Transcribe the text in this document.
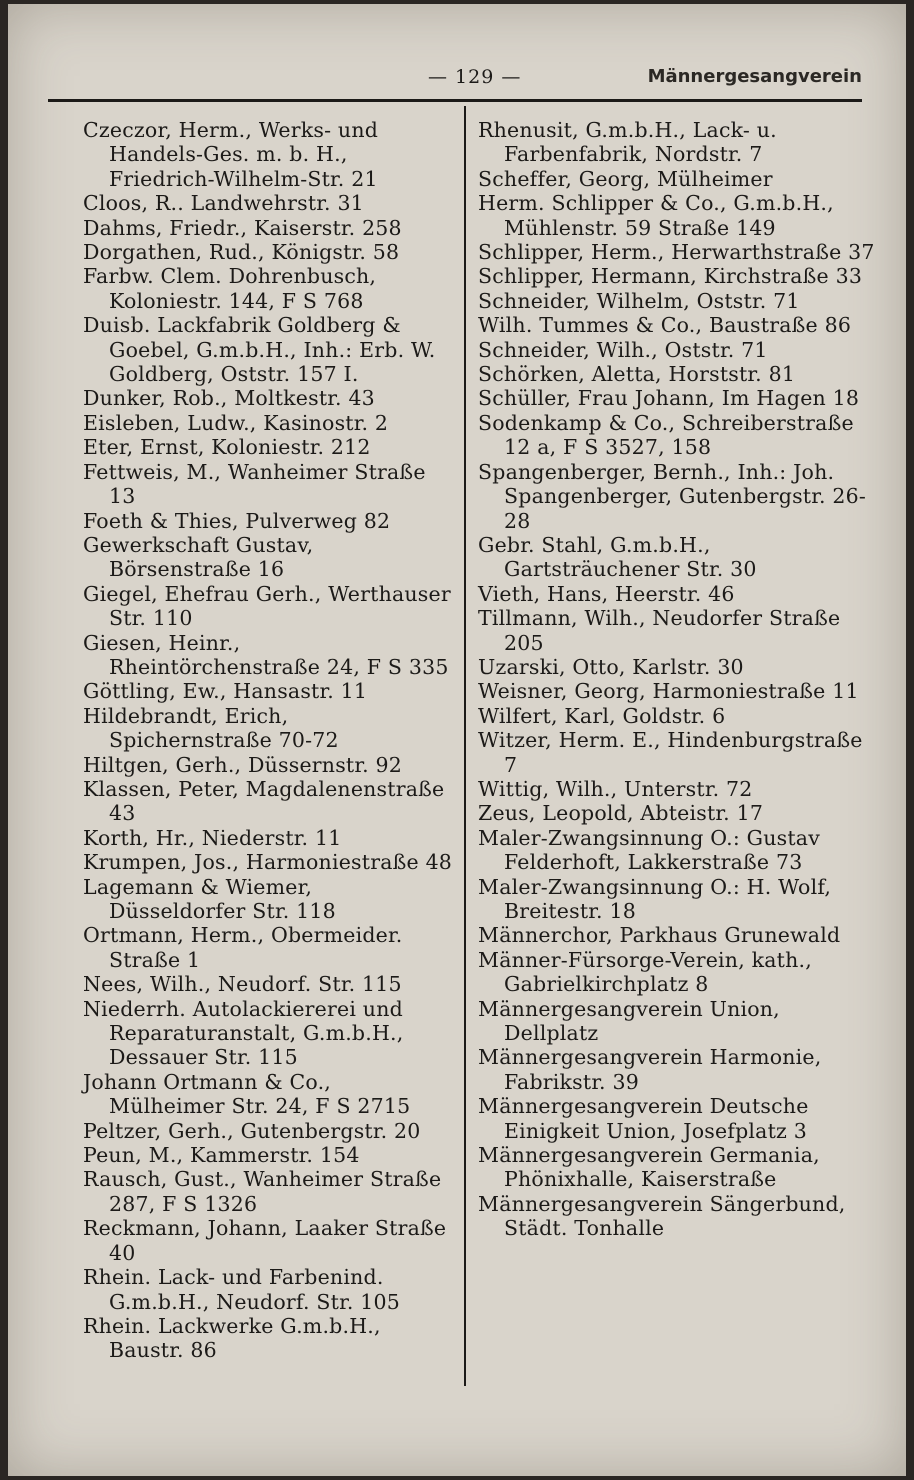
— 129 —	Männergesangverein

Czeczor, Herm., Werks- und Handels-Ges. m. b. H., Friedrich-Wilhelm-Str. 21

Cloos, R.. Landwehrstr. 31

Dahms, Friedr., Kaiserstr. 258

Dorgathen, Rud., Königstr. 58

Farbw. Clem. Dohrenbusch, Koloniestr. 144, F S 768

Duisb. Lackfabrik Goldberg & Goebel, G.m.b.H., Inh.: Erb. W. Goldberg, Oststr. 157 I.

Dunker, Rob., Moltkestr. 43

Eisleben, Ludw., Kasinostr. 2

Eter, Ernst, Koloniestr. 212

Fettweis, M., Wanheimer Straße 13

Foeth & Thies, Pulverweg 82

Gewerkschaft Gustav, Börsenstraße 16

Giegel, Ehefrau Gerh., Werthauser Str. 110

Giesen, Heinr., Rheintörchenstraße 24, F S 335

Göttling, Ew., Hansastr. 11

Hildebrandt, Erich, Spichernstraße 70-72

Hiltgen, Gerh., Düssernstr. 92

Klassen, Peter, Magdalenenstraße 43

Korth, Hr., Niederstr. 11

Krumpen, Jos., Harmoniestraße 48

Lagemann & Wiemer, Düsseldorfer Str. 118

Ortmann, Herm., Obermeider. Straße 1

Nees, Wilh., Neudorf. Str. 115

Niederrh. Autolackiererei und Reparaturanstalt, G.m.b.H., Dessauer Str. 115

Johann Ortmann & Co., Mülheimer Str. 24, F S 2715

Peltzer, Gerh., Gutenbergstr. 20

Peun, M., Kammerstr. 154

Rausch, Gust., Wanheimer Straße 287, F S 1326

Reckmann, Johann, Laaker Straße 40

Rhein. Lack- und Farbenind. G.m.b.H., Neudorf. Str. 105

Rhein. Lackwerke G.m.b.H., Baustr. 86

Rhenusit, G.m.b.H., Lack- u. Farbenfabrik, Nordstr. 7

Scheffer, Georg, Mülheimer

Herm. Schlipper & Co., G.m.b.H., Mühlenstr. 59 Straße 149

Schlipper, Herm., Herwarthstraße 37

Schlipper, Hermann, Kirchstraße 33

Schneider, Wilhelm, Oststr. 71

Wilh. Tummes & Co., Baustraße 86

Schneider, Wilh., Oststr. 71

Schörken, Aletta, Horststr. 81

Schüller, Frau Johann, Im Hagen 18

Sodenkamp & Co., Schreiberstraße 12 a, F S 3527, 158

Spangenberger, Bernh., Inh.: Joh. Spangenberger, Gutenbergstr. 26-28

Gebr. Stahl, G.m.b.H., Gartsträuchener Str. 30

Vieth, Hans, Heerstr. 46

Tillmann, Wilh., Neudorfer Straße 205

Uzarski, Otto, Karlstr. 30

Weisner, Georg, Harmoniestraße 11

Wilfert, Karl, Goldstr. 6

Witzer, Herm. E., Hindenburgstraße 7

Wittig, Wilh., Unterstr. 72

Zeus, Leopold, Abteistr. 17

Maler-Zwangsinnung O.: Gustav Felderhoft, Lakkerstraße 73

Maler-Zwangsinnung O.: H. Wolf, Breitestr. 18

Männerchor, Parkhaus Grunewald

Männer-Fürsorge-Verein, kath., Gabrielkirchplatz 8

Männergesangverein Union, Dellplatz

Männergesangverein Harmonie, Fabrikstr. 39

Männergesangverein Deutsche Einigkeit Union, Josefplatz 3

Männergesangverein Germania, Phönixhalle, Kaiserstraße

Männergesangverein Sängerbund, Städt. Tonhalle
